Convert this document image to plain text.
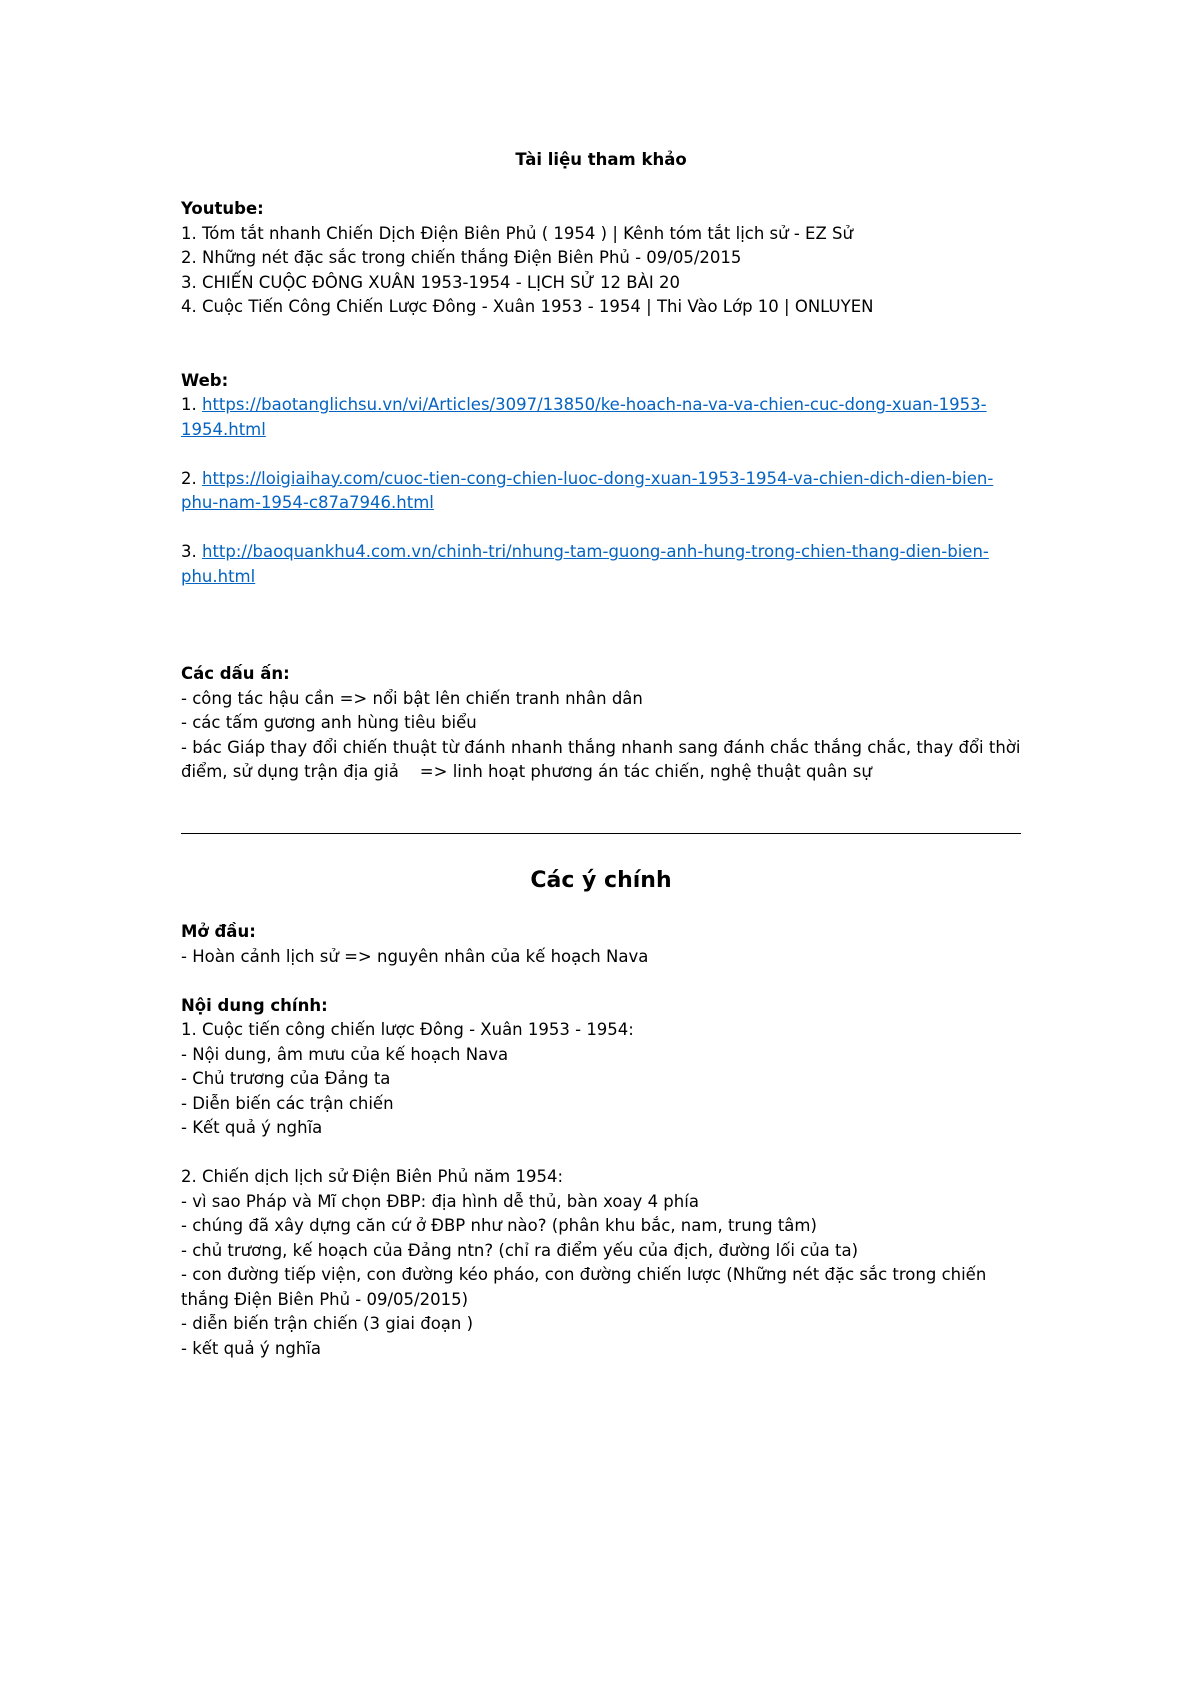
Tài liệu tham khảo
Youtube:
1. Tóm tắt nhanh Chiến Dịch Điện Biên Phủ ( 1954 ) | Kênh tóm tắt lịch sử - EZ Sử
2. Những nét đặc sắc trong chiến thắng Điện Biên Phủ - 09/05/2015
3. CHIẾN CUỘC ĐÔNG XUÂN 1953-1954 - LỊCH SỬ 12 BÀI 20
4. Cuộc Tiến Công Chiến Lược Đông - Xuân 1953 - 1954 | Thi Vào Lớp 10 | ONLUYEN
Web:
1. https://baotanglichsu.vn/vi/Articles/3097/13850/ke-hoach-na-va-va-chien-cuc-dong-xuan-1953-
1954.html
2. https://loigiaihay.com/cuoc-tien-cong-chien-luoc-dong-xuan-1953-1954-va-chien-dich-dien-bien-
phu-nam-1954-c87a7946.html
3. http://baoquankhu4.com.vn/chinh-tri/nhung-tam-guong-anh-hung-trong-chien-thang-dien-bien-
phu.html
Các dấu ấn:
- công tác hậu cần => nổi bật lên chiến tranh nhân dân
- các tấm gương anh hùng tiêu biểu
- bác Giáp thay đổi chiến thuật từ đánh nhanh thắng nhanh sang đánh chắc thắng chắc, thay đổi thời
điểm, sử dụng trận địa giả    => linh hoạt phương án tác chiến, nghệ thuật quân sự
Các ý chính
Mở đầu:
- Hoàn cảnh lịch sử => nguyên nhân của kế hoạch Nava
Nội dung chính:
1. Cuộc tiến công chiến lược Đông - Xuân 1953 - 1954:
- Nội dung, âm mưu của kế hoạch Nava
- Chủ trương của Đảng ta
- Diễn biến các trận chiến
- Kết quả ý nghĩa
2. Chiến dịch lịch sử Điện Biên Phủ năm 1954:
- vì sao Pháp và Mĩ chọn ĐBP: địa hình dễ thủ, bàn xoay 4 phía
- chúng đã xây dựng căn cứ ở ĐBP như nào? (phân khu bắc, nam, trung tâm)
- chủ trương, kế hoạch của Đảng ntn? (chỉ ra điểm yếu của địch, đường lối của ta)
- con đường tiếp viện, con đường kéo pháo, con đường chiến lược (Những nét đặc sắc trong chiến
thắng Điện Biên Phủ - 09/05/2015)
- diễn biến trận chiến (3 giai đoạn )
- kết quả ý nghĩa
